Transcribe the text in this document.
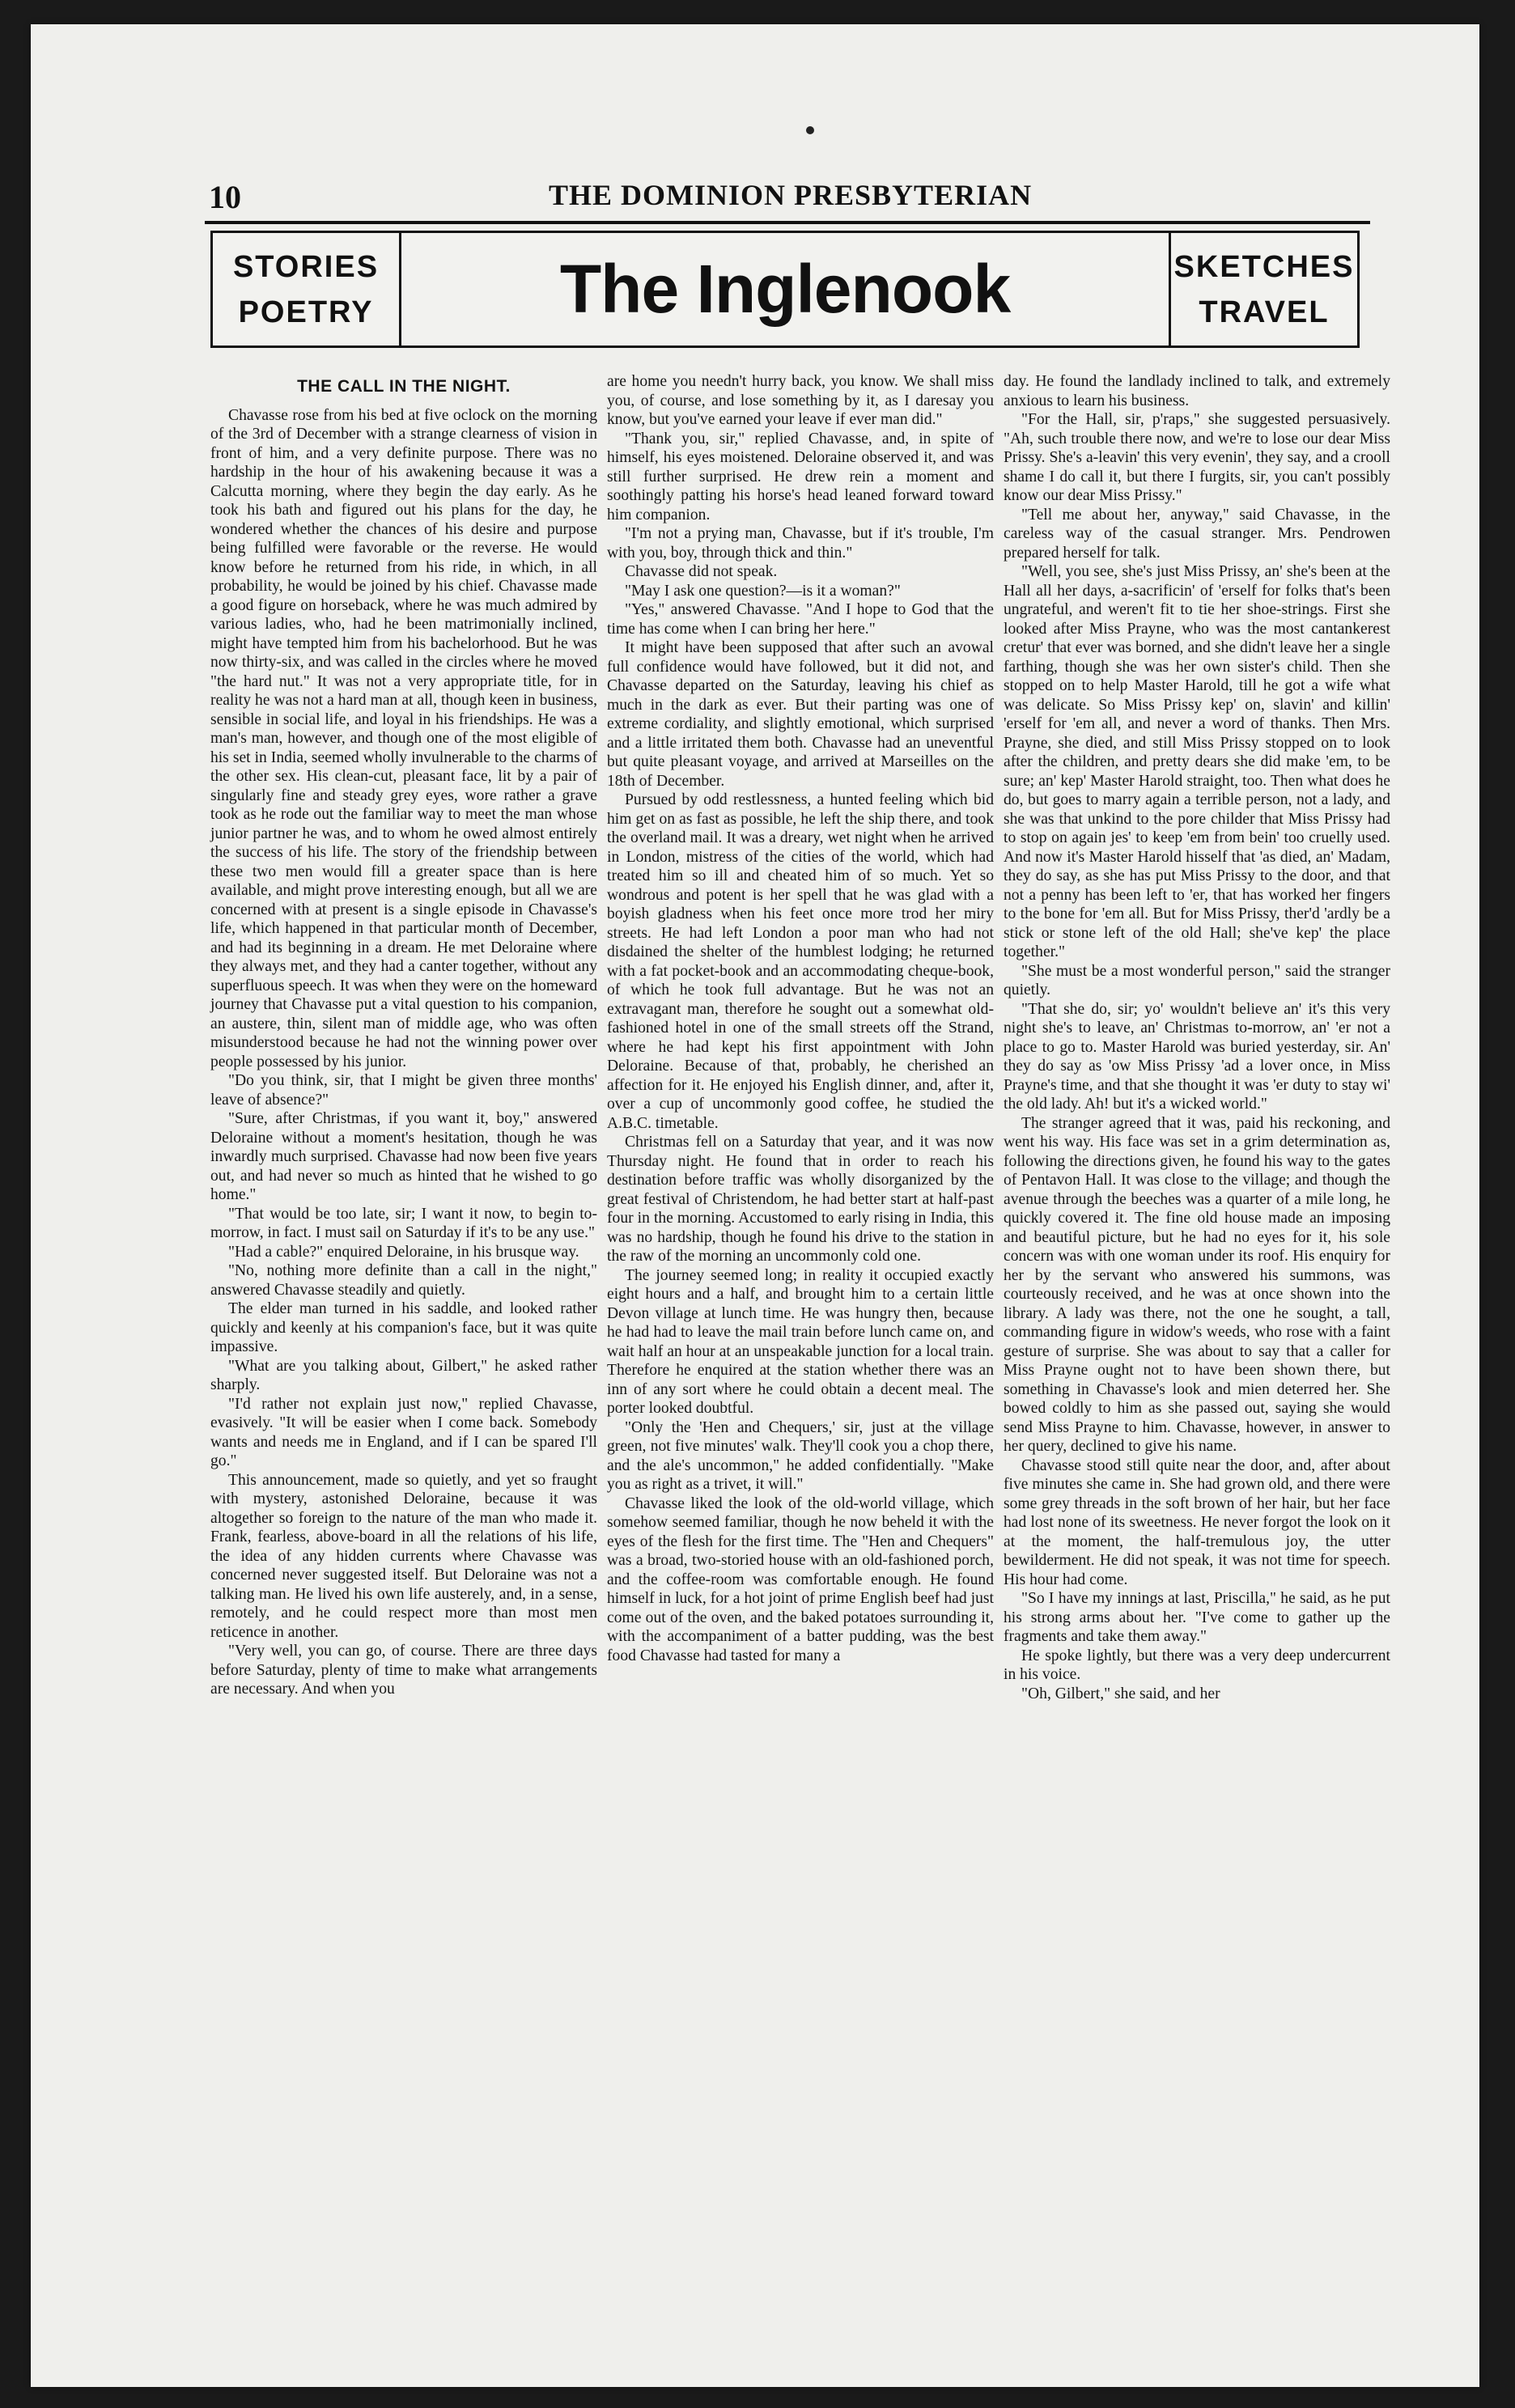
10	THE DOMINION PRESBYTERIAN
STORIES
POETRY	The Inglenook	SKETCHES
TRAVEL
THE CALL IN THE NIGHT.

Chavasse rose from his bed at five oclock on the morning of the 3rd of December with a strange clearness of vision in front of him, and a very definite purpose. There was no hardship in the hour of his awakening because it was a Calcutta morning, where they begin the day early. As he took his bath and figured out his plans for the day, he wondered whether the chances of his desire and purpose being fulfilled were favorable or the reverse. He would know before he returned from his ride, in which, in all probability, he would be joined by his chief. Chavasse made a good figure on horseback, where he was much admired by various ladies, who, had he been matrimonially inclined, might have tempted him from his bachelorhood. But he was now thirty-six, and was called in the circles where he moved "the hard nut." It was not a very appropriate title, for in reality he was not a hard man at all, though keen in business, sensible in social life, and loyal in his friendships. He was a man's man, however, and though one of the most eligible of his set in India, seemed wholly invulnerable to the charms of the other sex. His clean-cut, pleasant face, lit by a pair of singularly fine and steady grey eyes, wore rather a grave took as he rode out the familiar way to meet the man whose junior partner he was, and to whom he owed almost entirely the success of his life. The story of the friendship between these two men would fill a greater space than is here available, and might prove interesting enough, but all we are concerned with at present is a single episode in Chavasse's life, which happened in that particular month of December, and had its beginning in a dream. He met Deloraine where they always met, and they had a canter together, without any superfluous speech. It was when they were on the homeward journey that Chavasse put a vital question to his companion, an austere, thin, silent man of middle age, who was often misunderstood because he had not the winning power over people possessed by his junior.

"Do you think, sir, that I might be given three months' leave of absence?"

"Sure, after Christmas, if you want it, boy," answered Deloraine without a moment's hesitation, though he was inwardly much surprised. Chavasse had now been five years out, and had never so much as hinted that he wished to go home."

"That would be too late, sir; I want it now, to begin to-morrow, in fact. I must sail on Saturday if it's to be any use."

"Had a cable?" enquired Deloraine, in his brusque way.

"No, nothing more definite than a call in the night," answered Chavasse steadily and quietly.

The elder man turned in his saddle, and looked rather quickly and keenly at his companion's face, but it was quite impassive.

"What are you talking about, Gilbert," he asked rather sharply.

"I'd rather not explain just now," replied Chavasse, evasively. "It will be easier when I come back. Somebody wants and needs me in England, and if I can be spared I'll go."

This announcement, made so quietly, and yet so fraught with mystery, astonished Deloraine, because it was altogether so foreign to the nature of the man who made it. Frank, fearless, above-board in all the relations of his life, the idea of any hidden currents where Chavasse was concerned never suggested itself. But Deloraine was not a talking man. He lived his own life austerely, and, in a sense, remotely, and he could respect more than most men reticence in another.

"Very well, you can go, of course. There are three days before Saturday, plenty of time to make what arrangements are necessary. And when you

are home you needn't hurry back, you know. We shall miss you, of course, and lose something by it, as I daresay you know, but you've earned your leave if ever man did."

"Thank you, sir," replied Chavasse, and, in spite of himself, his eyes moistened. Deloraine observed it, and was still further surprised. He drew rein a moment and soothingly patting his horse's head leaned forward toward him companion.

"I'm not a prying man, Chavasse, but if it's trouble, I'm with you, boy, through thick and thin."

Chavasse did not speak.

"May I ask one question?—is it a woman?"

"Yes," answered Chavasse. "And I hope to God that the time has come when I can bring her here."

It might have been supposed that after such an avowal full confidence would have followed, but it did not, and Chavasse departed on the Saturday, leaving his chief as much in the dark as ever. But their parting was one of extreme cordiality, and slightly emotional, which surprised and a little irritated them both. Chavasse had an uneventful but quite pleasant voyage, and arrived at Marseilles on the 18th of December.

Pursued by odd restlessness, a hunted feeling which bid him get on as fast as possible, he left the ship there, and took the overland mail. It was a dreary, wet night when he arrived in London, mistress of the cities of the world, which had treated him so ill and cheated him of so much. Yet so wondrous and potent is her spell that he was glad with a boyish gladness when his feet once more trod her miry streets. He had left London a poor man who had not disdained the shelter of the humblest lodging; he returned with a fat pocket-book and an accommodating cheque-book, of which he took full advantage. But he was not an extravagant man, therefore he sought out a somewhat old-fashioned hotel in one of the small streets off the Strand, where he had kept his first appointment with John Deloraine. Because of that, probably, he cherished an affection for it. He enjoyed his English dinner, and, after it, over a cup of uncommonly good coffee, he studied the A.B.C. timetable.

Christmas fell on a Saturday that year, and it was now Thursday night. He found that in order to reach his destination before traffic was wholly disorganized by the great festival of Christendom, he had better start at half-past four in the morning. Accustomed to early rising in India, this was no hardship, though he found his drive to the station in the raw of the morning an uncommonly cold one.

The journey seemed long; in reality it occupied exactly eight hours and a half, and brought him to a certain little Devon village at lunch time. He was hungry then, because he had had to leave the mail train before lunch came on, and wait half an hour at an unspeakable junction for a local train. Therefore he enquired at the station whether there was an inn of any sort where he could obtain a decent meal. The porter looked doubtful.

"Only the 'Hen and Chequers,' sir, just at the village green, not five minutes' walk. They'll cook you a chop there, and the ale's uncommon," he added confidentially. "Make you as right as a trivet, it will."

Chavasse liked the look of the old-world village, which somehow seemed familiar, though he now beheld it with the eyes of the flesh for the first time. The "Hen and Chequers" was a broad, two-storied house with an old-fashioned porch, and the coffee-room was comfortable enough. He found himself in luck, for a hot joint of prime English beef had just come out of the oven, and the baked potatoes surrounding it, with the accompaniment of a batter pudding, was the best food Chavasse had tasted for many a

day. He found the landlady inclined to talk, and extremely anxious to learn his business.

"For the Hall, sir, p'raps," she suggested persuasively. "Ah, such trouble there now, and we're to lose our dear Miss Prissy. She's a-leavin' this very evenin', they say, and a crooll shame I do call it, but there I furgits, sir, you can't possibly know our dear Miss Prissy."

"Tell me about her, anyway," said Chavasse, in the careless way of the casual stranger. Mrs. Pendrowen prepared herself for talk.

"Well, you see, she's just Miss Prissy, an' she's been at the Hall all her days, a-sacrificin' of 'erself for folks that's been ungrateful, and weren't fit to tie her shoe-strings. First she looked after Miss Prayne, who was the most cantankerest cretur' that ever was borned, and she didn't leave her a single farthing, though she was her own sister's child. Then she stopped on to help Master Harold, till he got a wife what was delicate. So Miss Prissy kep' on, slavin' and killin' 'erself for 'em all, and never a word of thanks. Then Mrs. Prayne, she died, and still Miss Prissy stopped on to look after the children, and pretty dears she did make 'em, to be sure; an' kep' Master Harold straight, too. Then what does he do, but goes to marry again a terrible person, not a lady, and she was that unkind to the pore childer that Miss Prissy had to stop on again jes' to keep 'em from bein' too cruelly used. And now it's Master Harold hisself that 'as died, an' Madam, they do say, as she has put Miss Prissy to the door, and that not a penny has been left to 'er, that has worked her fingers to the bone for 'em all. But for Miss Prissy, ther'd 'ardly be a stick or stone left of the old Hall; she've kep' the place together."

"She must be a most wonderful person," said the stranger quietly.

"That she do, sir; yo' wouldn't believe an' it's this very night she's to leave, an' Christmas to-morrow, an' 'er not a place to go to. Master Harold was buried yesterday, sir. An' they do say as 'ow Miss Prissy 'ad a lover once, in Miss Prayne's time, and that she thought it was 'er duty to stay wi' the old lady. Ah! but it's a wicked world."

The stranger agreed that it was, paid his reckoning, and went his way. His face was set in a grim determination as, following the directions given, he found his way to the gates of Pentavon Hall. It was close to the village; and though the avenue through the beeches was a quarter of a mile long, he quickly covered it. The fine old house made an imposing and beautiful picture, but he had no eyes for it, his sole concern was with one woman under its roof. His enquiry for her by the servant who answered his summons, was courteously received, and he was at once shown into the library. A lady was there, not the one he sought, a tall, commanding figure in widow's weeds, who rose with a faint gesture of surprise. She was about to say that a caller for Miss Prayne ought not to have been shown there, but something in Chavasse's look and mien deterred her. She bowed coldly to him as she passed out, saying she would send Miss Prayne to him. Chavasse, however, in answer to her query, declined to give his name.

Chavasse stood still quite near the door, and, after about five minutes she came in. She had grown old, and there were some grey threads in the soft brown of her hair, but her face had lost none of its sweetness. He never forgot the look on it at the moment, the half-tremulous joy, the utter bewilderment. He did not speak, it was not time for speech. His hour had come.

"So I have my innings at last, Priscilla," he said, as he put his strong arms about her. "I've come to gather up the fragments and take them away."

He spoke lightly, but there was a very deep undercurrent in his voice.

"Oh, Gilbert," she said, and her
